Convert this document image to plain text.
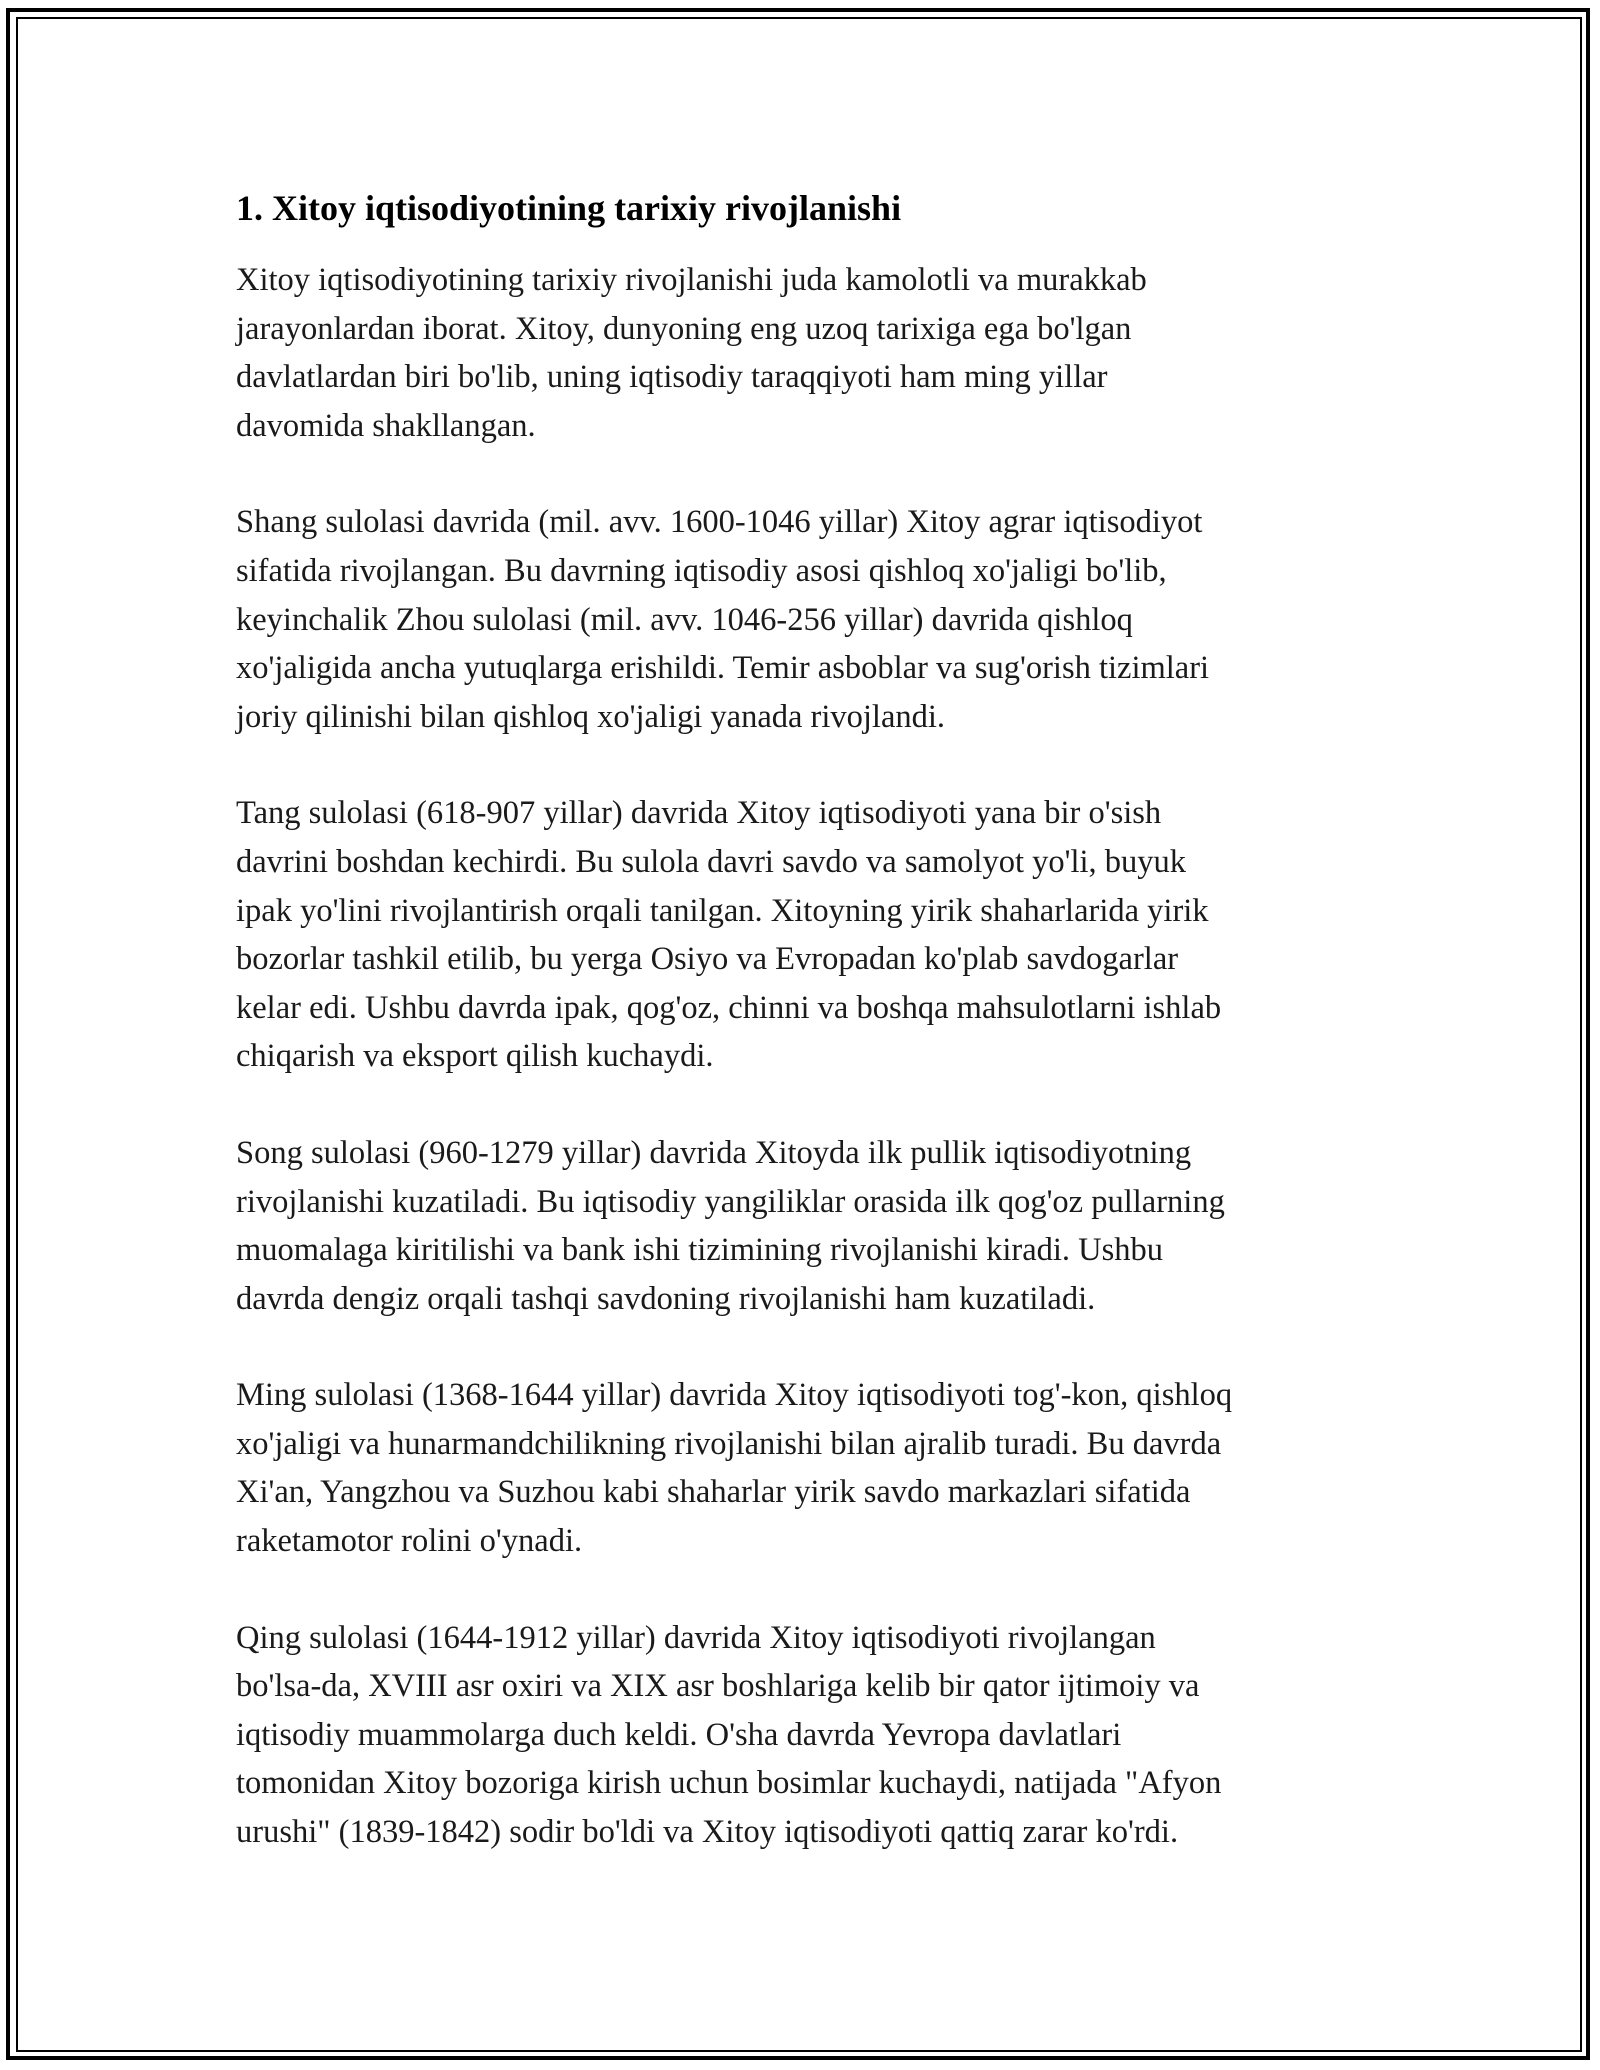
1. Xitoy iqtisodiyotining tarixiy rivojlanishi

Xitoy iqtisodiyotining tarixiy rivojlanishi juda kamolotli va murakkab
jarayonlardan iborat. Xitoy, dunyoning eng uzoq tarixiga ega bo'lgan
davlatlardan biri bo'lib, uning iqtisodiy taraqqiyoti ham ming yillar
davomida shakllangan.

Shang sulolasi davrida (mil. avv. 1600-1046 yillar) Xitoy agrar iqtisodiyot
sifatida rivojlangan. Bu davrning iqtisodiy asosi qishloq xo'jaligi bo'lib,
keyinchalik Zhou sulolasi (mil. avv. 1046-256 yillar) davrida qishloq
xo'jaligida ancha yutuqlarga erishildi. Temir asboblar va sug'orish tizimlari
joriy qilinishi bilan qishloq xo'jaligi yanada rivojlandi.

Tang sulolasi (618-907 yillar) davrida Xitoy iqtisodiyoti yana bir o'sish
davrini boshdan kechirdi. Bu sulola davri savdo va samolyot yo'li, buyuk
ipak yo'lini rivojlantirish orqali tanilgan. Xitoyning yirik shaharlarida yirik
bozorlar tashkil etilib, bu yerga Osiyo va Evropadan ko'plab savdogarlar
kelar edi. Ushbu davrda ipak, qog'oz, chinni va boshqa mahsulotlarni ishlab
chiqarish va eksport qilish kuchaydi.

Song sulolasi (960-1279 yillar) davrida Xitoyda ilk pullik iqtisodiyotning
rivojlanishi kuzatiladi. Bu iqtisodiy yangiliklar orasida ilk qog'oz pullarning
muomalaga kiritilishi va bank ishi tizimining rivojlanishi kiradi. Ushbu
davrda dengiz orqali tashqi savdoning rivojlanishi ham kuzatiladi.

Ming sulolasi (1368-1644 yillar) davrida Xitoy iqtisodiyoti tog'-kon, qishloq
xo'jaligi va hunarmandchilikning rivojlanishi bilan ajralib turadi. Bu davrda
Xi'an, Yangzhou va Suzhou kabi shaharlar yirik savdo markazlari sifatida
raketamotor rolini o'ynadi.

Qing sulolasi (1644-1912 yillar) davrida Xitoy iqtisodiyoti rivojlangan
bo'lsa-da, XVIII asr oxiri va XIX asr boshlariga kelib bir qator ijtimoiy va
iqtisodiy muammolarga duch keldi. O'sha davrda Yevropa davlatlari
tomonidan Xitoy bozoriga kirish uchun bosimlar kuchaydi, natijada "Afyon
urushi" (1839-1842) sodir bo'ldi va Xitoy iqtisodiyoti qattiq zarar ko'rdi.
